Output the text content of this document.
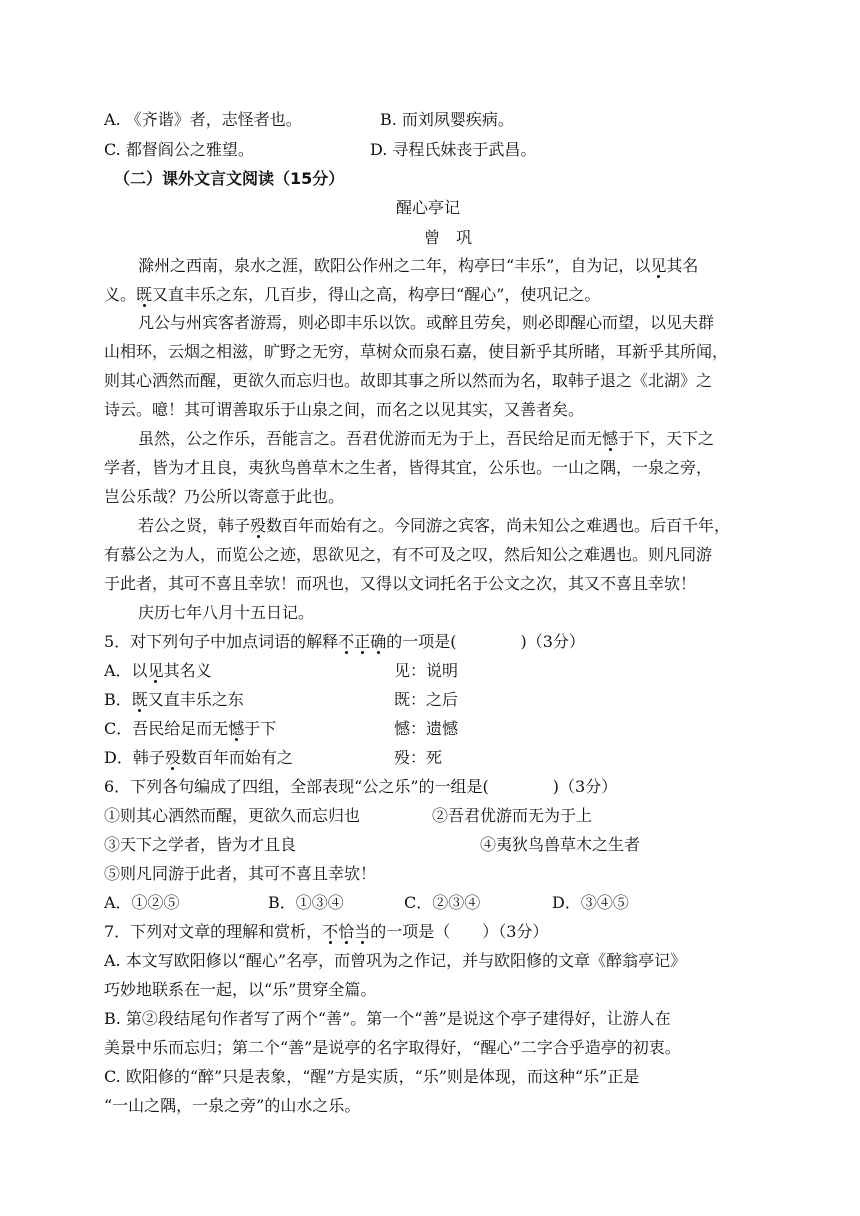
A. 《齐谐》者，志怪者也。	B. 而刘夙婴疾病。
C. 都督阎公之雅望。	D. 寻程氏妹丧于武昌。
（二）课外文言文阅读（15分）
醒心亭记
曾　巩
滁州之西南，泉水之涯，欧阳公作州之二年，构亭曰“丰乐”，自为记，以见其名
义。既又直丰乐之东，几百步，得山之高，构亭曰“醒心”，使巩记之。
凡公与州宾客者游焉，则必即丰乐以饮。或醉且劳矣，则必即醒心而望，以见夫群
山相环，云烟之相滋，旷野之无穷，草树众而泉石嘉，使目新乎其所睹，耳新乎其所闻，
则其心洒然而醒，更欲久而忘归也。故即其事之所以然而为名，取韩子退之《北湖》之
诗云。噫！其可谓善取乐于山泉之间，而名之以见其实，又善者矣。
虽然，公之作乐，吾能言之。吾君优游而无为于上，吾民给足而无憾于下，天下之
学者，皆为才且良，夷狄鸟兽草木之生者，皆得其宜，公乐也。一山之隅，一泉之旁，
岂公乐哉？乃公所以寄意于此也。
若公之贤，韩子殁数百年而始有之。今同游之宾客，尚未知公之难遇也。后百千年，
有慕公之为人，而览公之迹，思欲见之，有不可及之叹，然后知公之难遇也。则凡同游
于此者，其可不喜且幸欤！而巩也，又得以文词托名于公文之次，其又不喜且幸欤！
庆历七年八月十五日记。
5．对下列句子中加点词语的解释不正确的一项是(　　　　)（3分）
A．以见其名义	见：说明
B．既又直丰乐之东	既：之后
C．吾民给足而无憾于下	憾：遗憾
D．韩子殁数百年而始有之	殁：死
6．下列各句编成了四组，全部表现“公之乐”的一组是(　　　　)（3分）
①则其心洒然而醒，更欲久而忘归也	②吾君优游而无为于上
③天下之学者，皆为才且良	④夷狄鸟兽草木之生者
⑤则凡同游于此者，其可不喜且幸欤！
A．①②⑤	B．①③④	C．②③④	D．③④⑤
7．下列对文章的理解和赏析，不恰当的一项是（　　）（3分）
A. 本文写欧阳修以“醒心”名亭，而曾巩为之作记，并与欧阳修的文章《醉翁亭记》
巧妙地联系在一起，以“乐”贯穿全篇。
B. 第②段结尾句作者写了两个“善”。第一个“善”是说这个亭子建得好，让游人在
美景中乐而忘归；第二个“善”是说亭的名字取得好，“醒心”二字合乎造亭的初衷。
C. 欧阳修的“醉”只是表象，“醒”方是实质，“乐”则是体现，而这种“乐”正是
“一山之隅，一泉之旁”的山水之乐。
